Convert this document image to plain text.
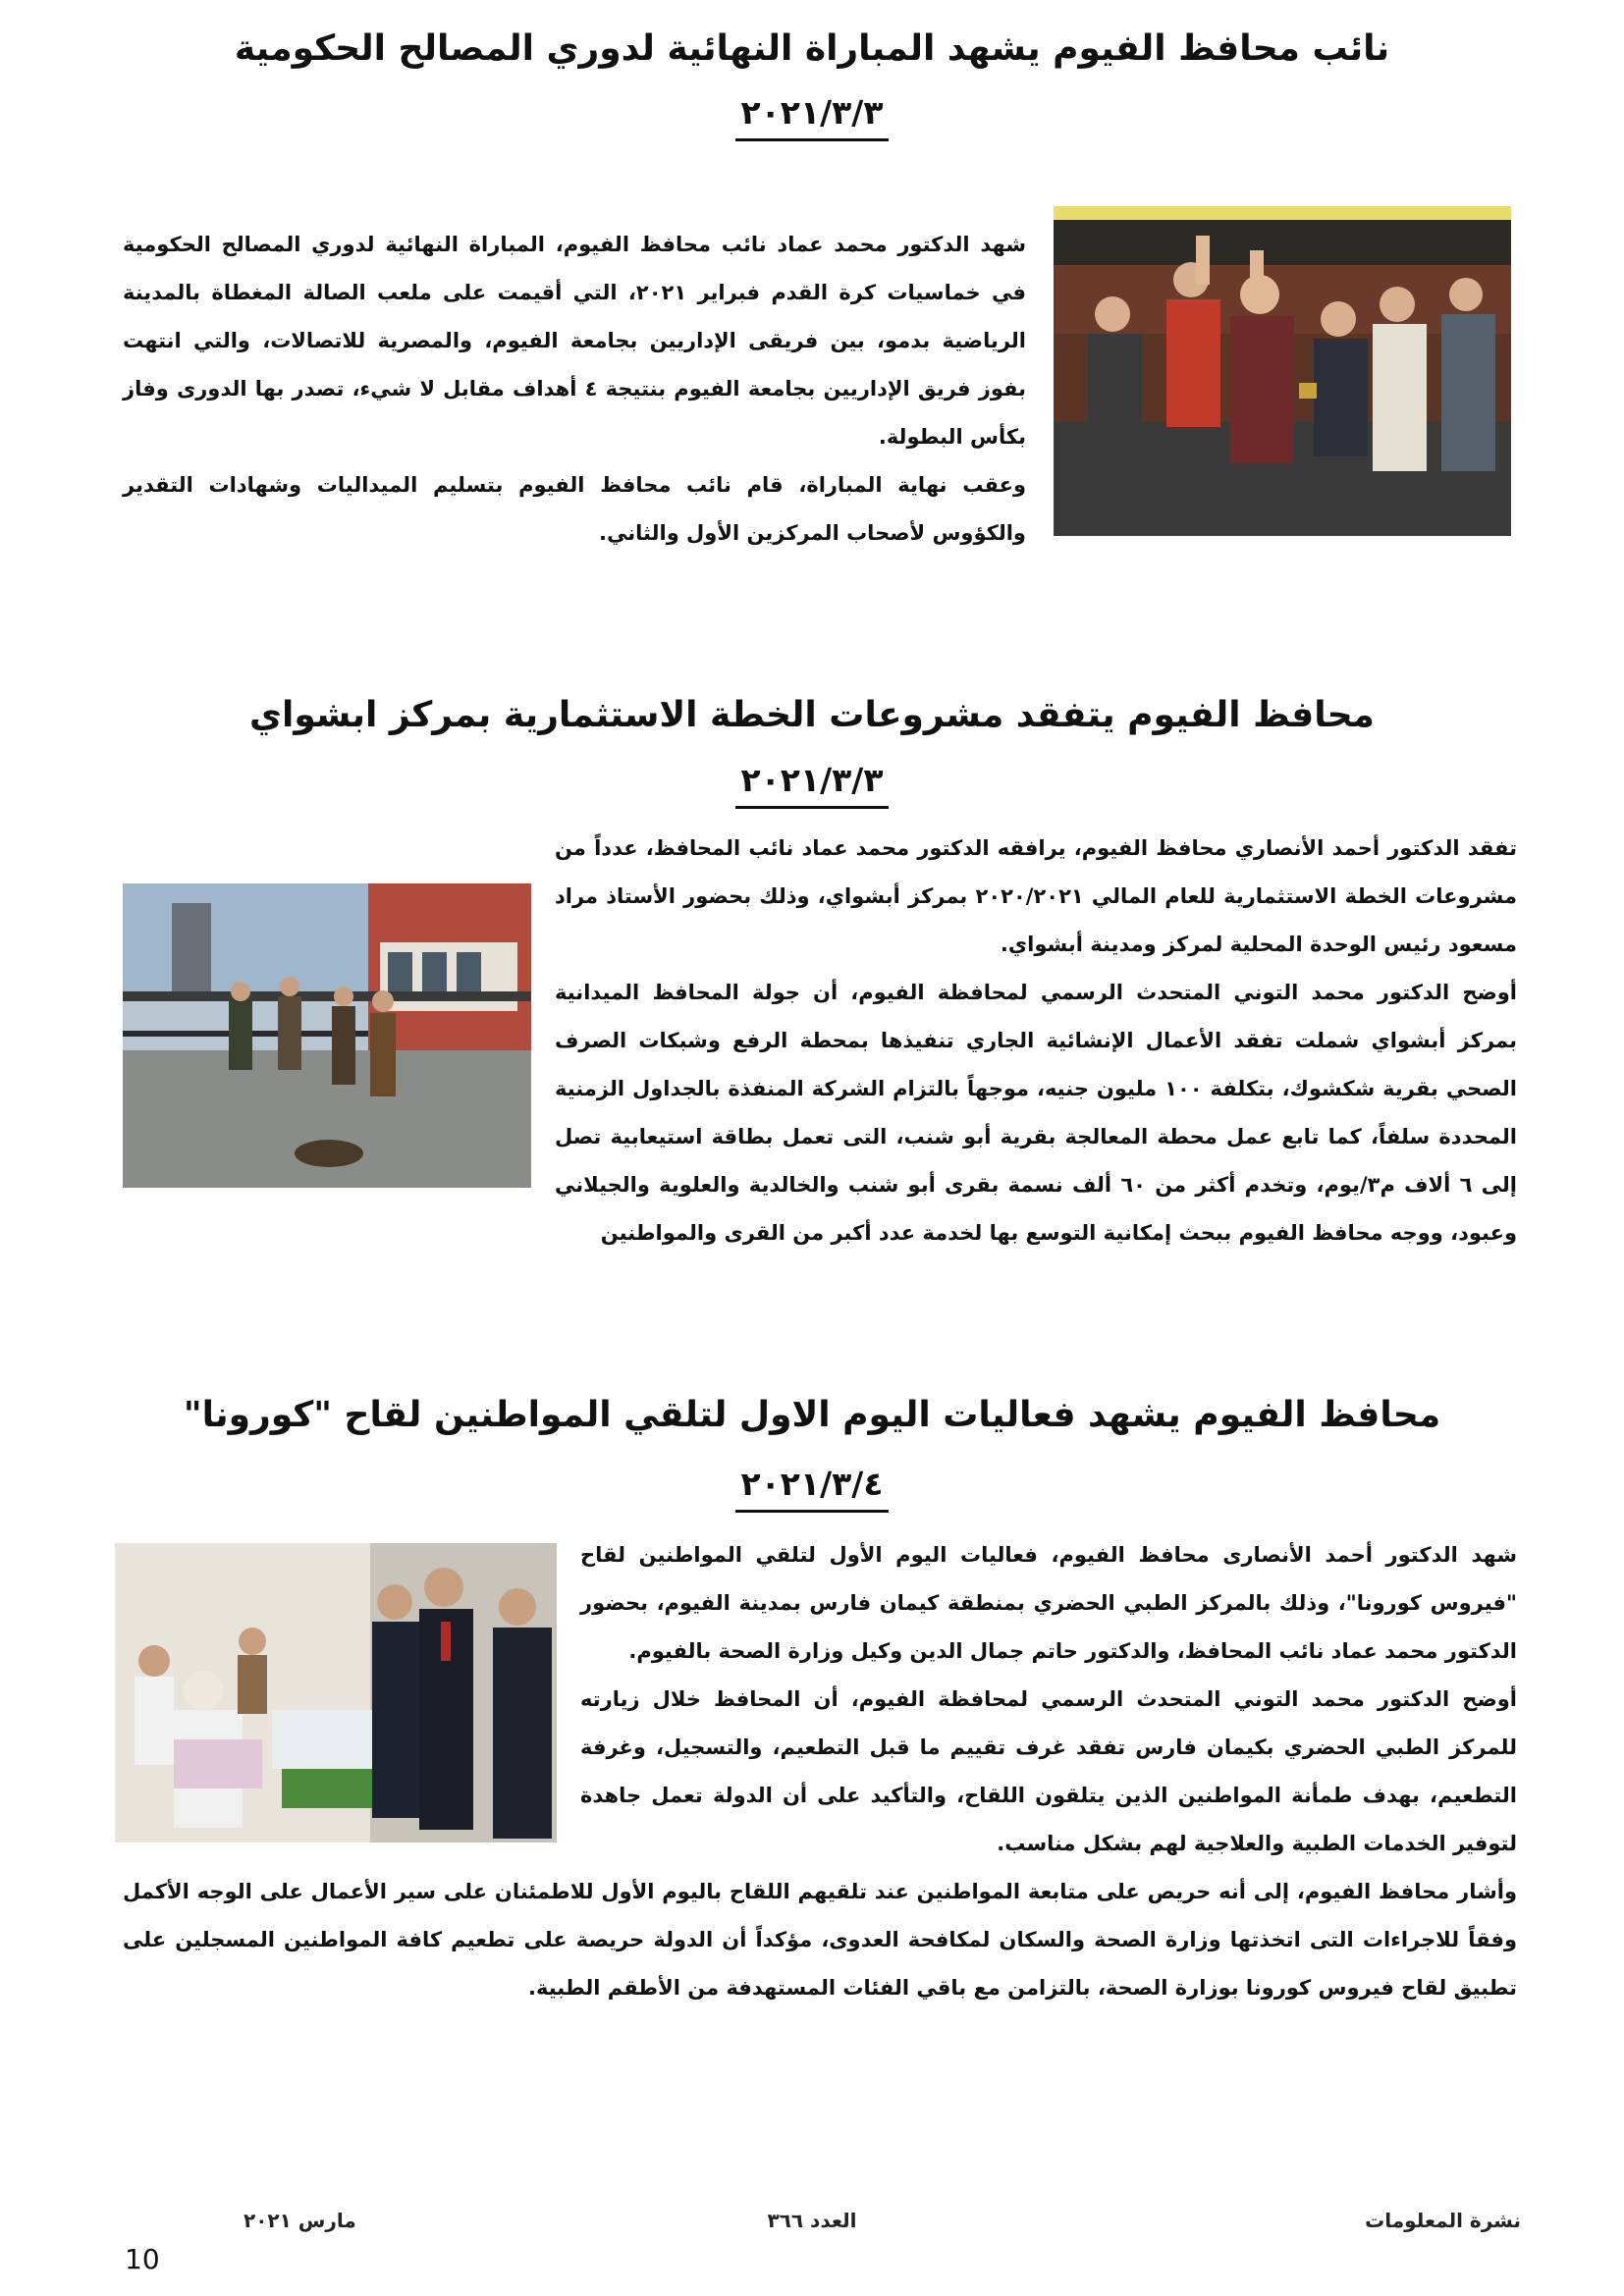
نائب محافظ الفيوم يشهد المباراة النهائية لدوري المصالح الحكومية
٢٠٢١/٣/٣

شهد الدكتور محمد عماد نائب محافظ الفيوم، المباراة النهائية لدوري المصالح الحكومية في خماسيات كرة القدم فبراير ٢٠٢١، التي أقيمت على ملعب الصالة المغطاة بالمدينة الرياضية بدمو، بين فريقى الإداريين بجامعة الفيوم، والمصرية للاتصالات، والتي انتهت بفوز فريق الإداريين بجامعة الفيوم بنتيجة ٤ أهداف مقابل لا شيء، تصدر بها الدورى وفاز بكأس البطولة.

وعقب نهاية المباراة، قام نائب محافظ الفيوم بتسليم الميداليات وشهادات التقدير والكؤوس لأصحاب المركزين الأول والثاني.

محافظ الفيوم يتفقد مشروعات الخطة الاستثمارية بمركز ابشواي
٢٠٢١/٣/٣

تفقد الدكتور أحمد الأنصاري محافظ الفيوم، يرافقه الدكتور محمد عماد نائب المحافظ، عدداً من مشروعات الخطة الاستثمارية للعام المالي ٢٠٢٠/٢٠٢١ بمركز أبشواي، وذلك بحضور الأستاذ مراد مسعود رئيس الوحدة المحلية لمركز ومدينة أبشواي.

أوضح الدكتور محمد التوني المتحدث الرسمي لمحافظة الفيوم، أن جولة المحافظ الميدانية بمركز أبشواي شملت تفقد الأعمال الإنشائية الجاري تنفيذها بمحطة الرفع وشبكات الصرف الصحي بقرية شكشوك، بتكلفة ١٠٠ مليون جنيه، موجهاً بالتزام الشركة المنفذة بالجداول الزمنية المحددة سلفاً، كما تابع عمل محطة المعالجة بقرية أبو شنب، التى تعمل بطاقة استيعابية تصل إلى ٦ ألاف م٣/يوم، وتخدم أكثر من ٦٠ ألف نسمة بقرى أبو شنب والخالدية والعلوية والجيلاني وعبود، ووجه محافظ الفيوم ببحث إمكانية التوسع بها لخدمة عدد أكبر من القرى والمواطنين

محافظ الفيوم يشهد فعاليات اليوم الاول لتلقي المواطنين لقاح "كورونا"
٢٠٢١/٣/٤

شهد الدكتور أحمد الأنصارى محافظ الفيوم، فعاليات اليوم الأول لتلقي المواطنين لقاح "فيروس كورونا"، وذلك بالمركز الطبي الحضري بمنطقة كيمان فارس بمدينة الفيوم، بحضور الدكتور محمد عماد نائب المحافظ، والدكتور حاتم جمال الدين وكيل وزارة الصحة بالفيوم.

أوضح الدكتور محمد التوني المتحدث الرسمي لمحافظة الفيوم، أن المحافظ خلال زيارته للمركز الطبي الحضري بكيمان فارس تفقد غرف تقييم ما قبل التطعيم، والتسجيل، وغرفة التطعيم، بهدف طمأنة المواطنين الذين يتلقون اللقاح، والتأكيد على أن الدولة تعمل جاهدة لتوفير الخدمات الطبية والعلاجية لهم بشكل مناسب.

وأشار محافظ الفيوم، إلى أنه حريص على متابعة المواطنين عند تلقيهم اللقاح باليوم الأول للاطمئنان على سير الأعمال على الوجه الأكمل وفقاً للاجراءات التى اتخذتها وزارة الصحة والسكان لمكافحة العدوى، مؤكداً أن الدولة حريصة على تطعيم كافة المواطنين المسجلين على تطبيق لقاح فيروس كورونا بوزارة الصحة، بالتزامن مع باقي الفئات المستهدفة من الأطقم الطبية.

نشرة المعلومات
العدد ٣٦٦
مارس ٢٠٢١
10
